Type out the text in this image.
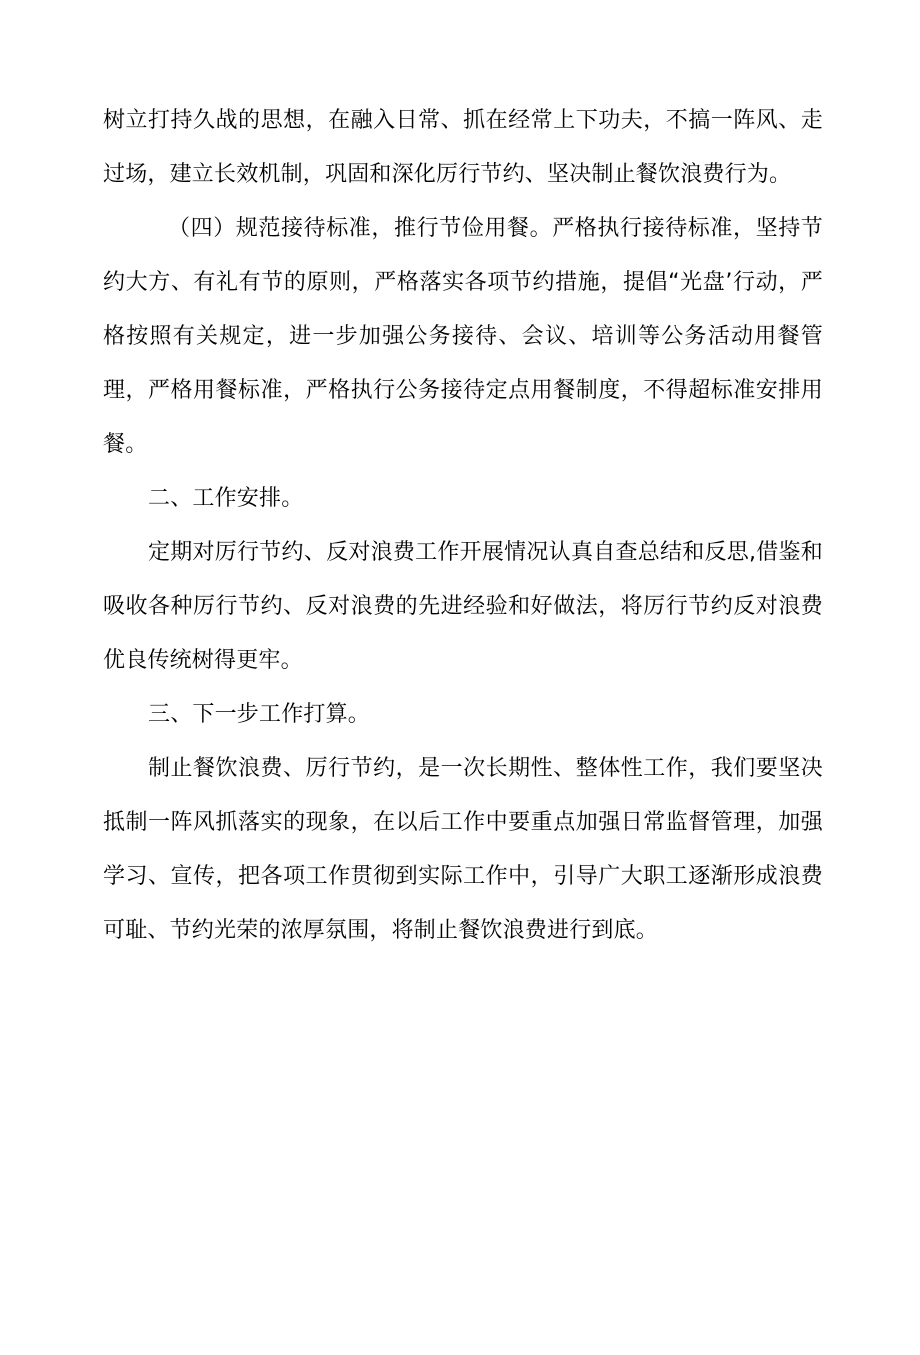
树立打持久战的思想，在融入日常、抓在经常上下功夫，不搞一阵风、走过场，建立长效机制，巩固和深化厉行节约、坚决制止餐饮浪费行为。

（四）规范接待标准，推行节俭用餐。严格执行接待标准，坚持节约大方、有礼有节的原则，严格落实各项节约措施，提倡“光盘’行动，严格按照有关规定，进一步加强公务接待、会议、培训等公务活动用餐管理，严格用餐标准，严格执行公务接待定点用餐制度，不得超标准安排用餐。

二、工作安排。

定期对厉行节约、反对浪费工作开展情况认真自查总结和反思,借鉴和吸收各种厉行节约、反对浪费的先进经验和好做法，将厉行节约反对浪费优良传统树得更牢。

三、下一步工作打算。

制止餐饮浪费、厉行节约，是一次长期性、整体性工作，我们要坚决抵制一阵风抓落实的现象，在以后工作中要重点加强日常监督管理，加强学习、宣传，把各项工作贯彻到实际工作中，引导广大职工逐渐形成浪费可耻、节约光荣的浓厚氛围，将制止餐饮浪费进行到底。
